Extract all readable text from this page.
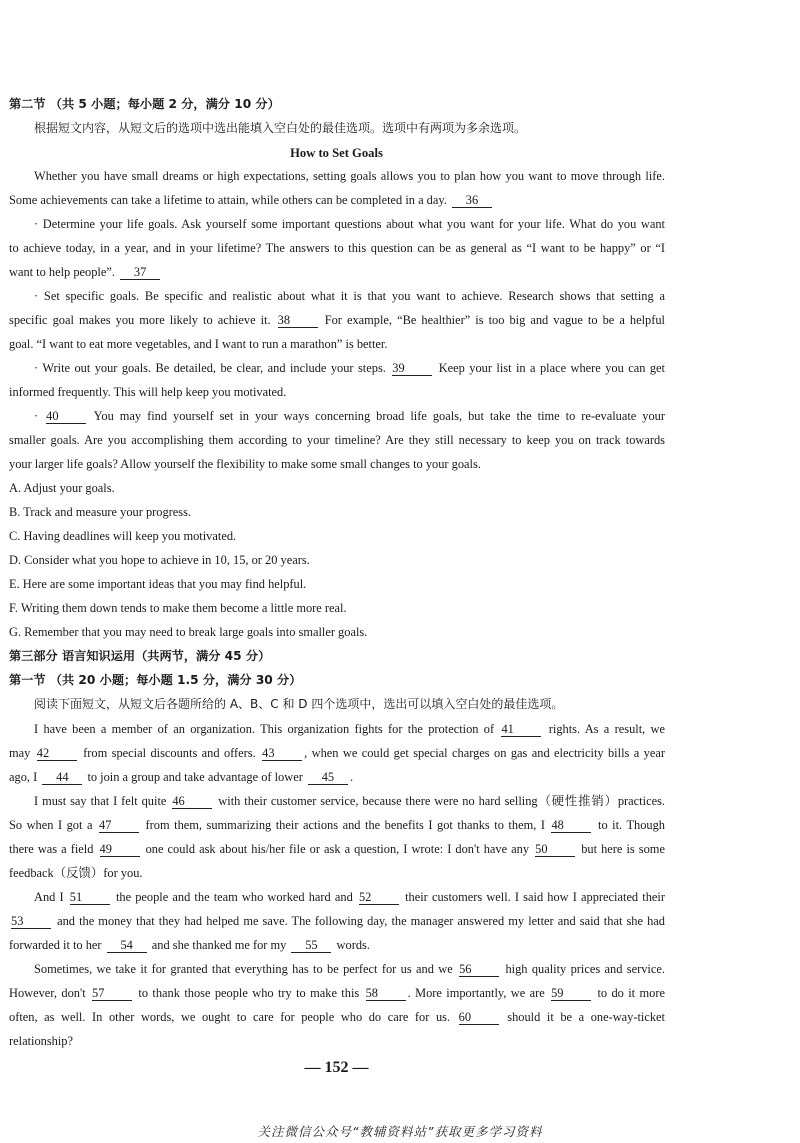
第二节 （共 5 小题；每小题 2 分，满分 10 分）
根据短文内容，从短文后的选项中选出能填入空白处的最佳选项。选项中有两项为多余选项。
How to Set Goals
Whether you have small dreams or high expectations, setting goals allows you to plan how you want to move through life.
Some achievements can take a lifetime to attain, while others can be completed in a day. 36
· Determine your life goals. Ask yourself some important questions about what you want for your life. What do you want
to achieve today, in a year, and in your lifetime? The answers to this question can be as general as “I want to be happy” or “I
want to help people”. 37
· Set specific goals. Be specific and realistic about what it is that you want to achieve. Research shows that setting a
specific goal makes you more likely to achieve it. 38	For example, “Be healthier” is too big and vague to be a helpful
goal. “I want to eat more vegetables, and I want to run a marathon” is better.
· Write out your goals. Be detailed, be clear, and include your steps. 39	Keep your list in a place where you can get
informed frequently. This will help keep you motivated.
· 40	You may find yourself set in your ways concerning broad life goals, but take the time to re-evaluate your
smaller goals. Are you accomplishing them according to your timeline? Are they still necessary to keep you on track towards
your larger life goals? Allow yourself the flexibility to make some small changes to your goals.
A. Adjust your goals.
B. Track and measure your progress.
C. Having deadlines will keep you motivated.
D. Consider what you hope to achieve in 10, 15, or 20 years.
E. Here are some important ideas that you may find helpful.
F. Writing them down tends to make them become a little more real.
G. Remember that you may need to break large goals into smaller goals.
第三部分 语言知识运用（共两节，满分 45 分）
第一节 （共 20 小题；每小题 1.5 分，满分 30 分）
阅读下面短文，从短文后各题所给的 A、B、C 和 D 四个选项中，选出可以填入空白处的最佳选项。
I have been a member of an organization. This organization fights for the protection of 41	rights. As a result, we
may 42	from special discounts and offers. 43 , when we could get special charges on gas and electricity bills a year
ago, I 44 to join a group and take advantage of lower 45 .
I must say that I felt quite 46	with their customer service, because there were no hard selling（硬性推销）practices.
So when I got a 47	from them, summarizing their actions and the benefits I got thanks to them, I 48	to it. Though
there was a field 49	one could ask about his/her file or ask a question, I wrote: I don't have any 50	but here is some
feedback（反馈）for you.
And I 51	the people and the team who worked hard and 52	their customers well. I said how I appreciated their
53	and the money that they had helped me save. The following day, the manager answered my letter and said that she had
forwarded it to her 54 and she thanked me for my 55 words.
Sometimes, we take it for granted that everything has to be perfect for us and we 56	high quality prices and service.
However, don't 57	to thank those people who try to make this 58 . More importantly, we are 59	to do it more
often, as well. In other words, we ought to care for people who do care for us. 60	should it be a one-way-ticket
relationship?
— 152 —
关注微信公众号“教辅资料站”获取更多学习资料
